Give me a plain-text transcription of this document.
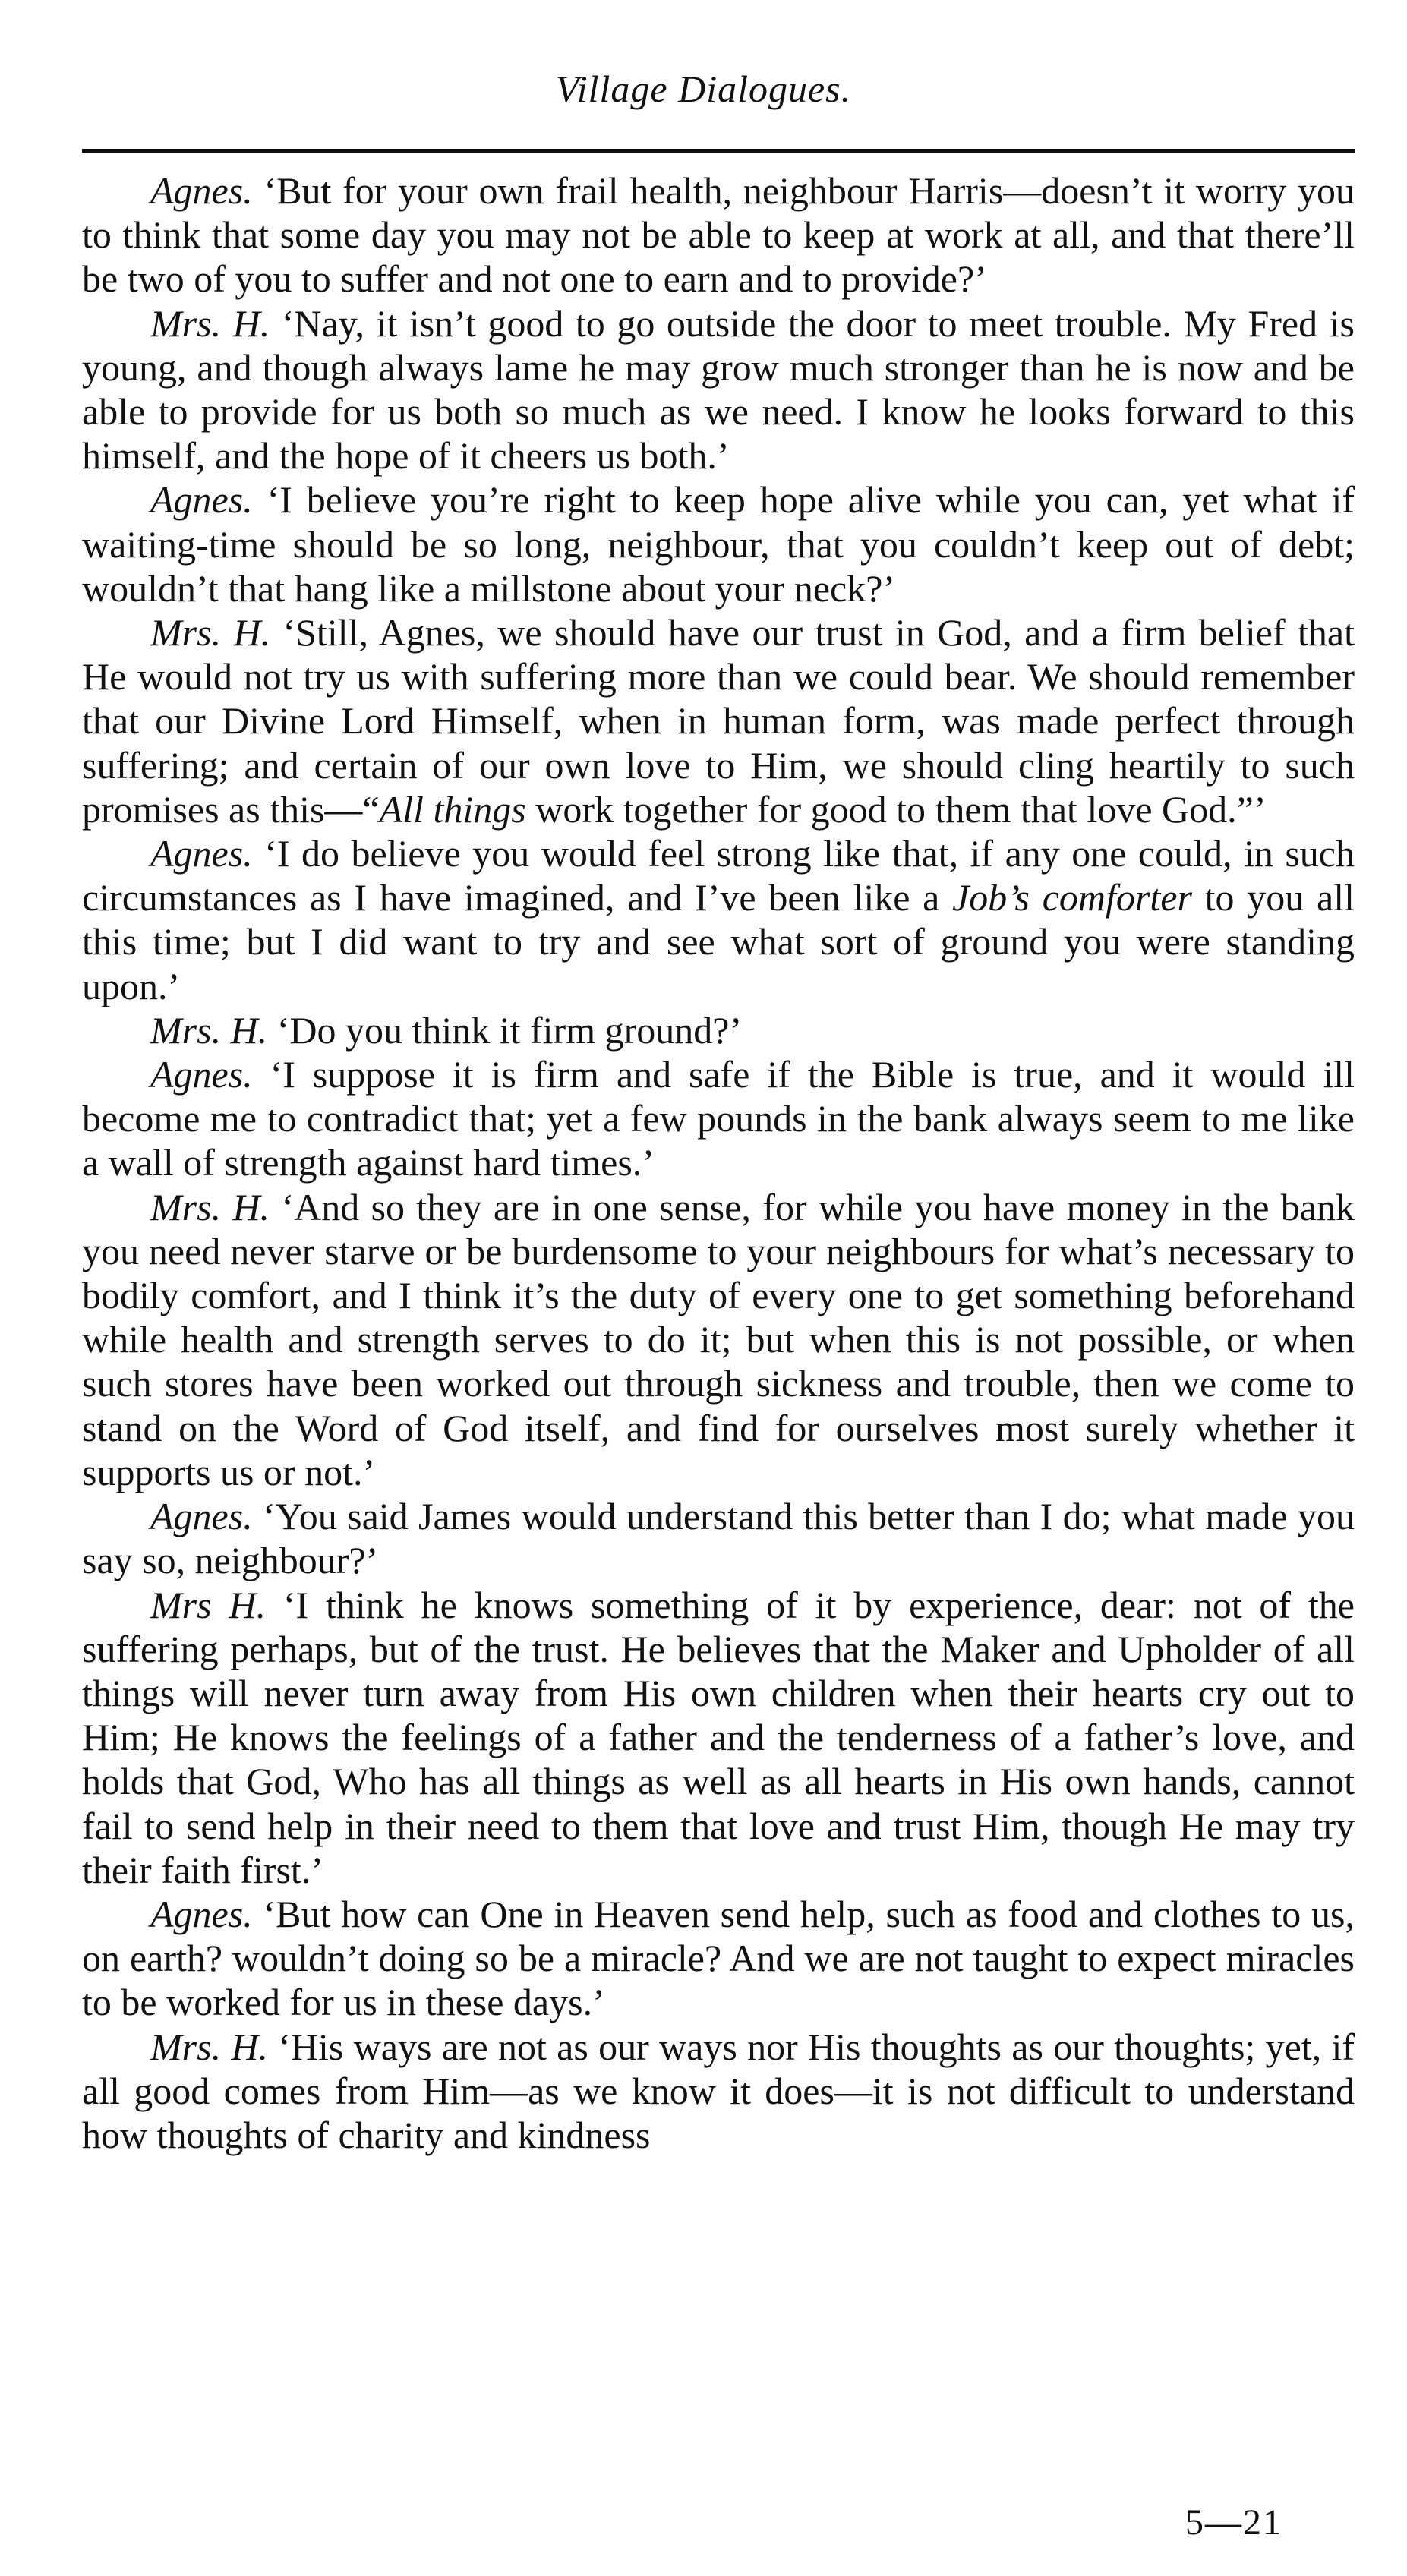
Village Dialogues.

Agnes. ‘But for your own frail health, neighbour Harris—doesn’t it worry you to think that some day you may not be able to keep at work at all, and that there’ll be two of you to suffer and not one to earn and to provide?’

Mrs. H. ‘Nay, it isn’t good to go outside the door to meet trouble. My Fred is young, and though always lame he may grow much stronger than he is now and be able to provide for us both so much as we need. I know he looks forward to this himself, and the hope of it cheers us both.’

Agnes. ‘I believe you’re right to keep hope alive while you can, yet what if waiting-time should be so long, neighbour, that you couldn’t keep out of debt; wouldn’t that hang like a millstone about your neck?’

Mrs. H. ‘Still, Agnes, we should have our trust in God, and a firm belief that He would not try us with suffering more than we could bear. We should remember that our Divine Lord Himself, when in human form, was made perfect through suffering; and certain of our own love to Him, we should cling heartily to such promises as this—“All things work together for good to them that love God.”’

Agnes. ‘I do believe you would feel strong like that, if any one could, in such circumstances as I have imagined, and I’ve been like a Job’s comforter to you all this time; but I did want to try and see what sort of ground you were standing upon.’

Mrs. H. ‘Do you think it firm ground?’

Agnes. ‘I suppose it is firm and safe if the Bible is true, and it would ill become me to contradict that; yet a few pounds in the bank always seem to me like a wall of strength against hard times.’

Mrs. H. ‘And so they are in one sense, for while you have money in the bank you need never starve or be burdensome to your neighbours for what’s necessary to bodily comfort, and I think it’s the duty of every one to get something beforehand while health and strength serves to do it; but when this is not possible, or when such stores have been worked out through sickness and trouble, then we come to stand on the Word of God itself, and find for ourselves most surely whether it supports us or not.’

Agnes. ‘You said James would understand this better than I do; what made you say so, neighbour?’

Mrs H. ‘I think he knows something of it by experience, dear: not of the suffering perhaps, but of the trust. He believes that the Maker and Upholder of all things will never turn away from His own children when their hearts cry out to Him; He knows the feelings of a father and the tenderness of a father’s love, and holds that God, Who has all things as well as all hearts in His own hands, cannot fail to send help in their need to them that love and trust Him, though He may try their faith first.’

Agnes. ‘But how can One in Heaven send help, such as food and clothes to us, on earth? wouldn’t doing so be a miracle? And we are not taught to expect miracles to be worked for us in these days.’

Mrs. H. ‘His ways are not as our ways nor His thoughts as our thoughts; yet, if all good comes from Him—as we know it does—it is not difficult to understand how thoughts of charity and kindness

5—21
